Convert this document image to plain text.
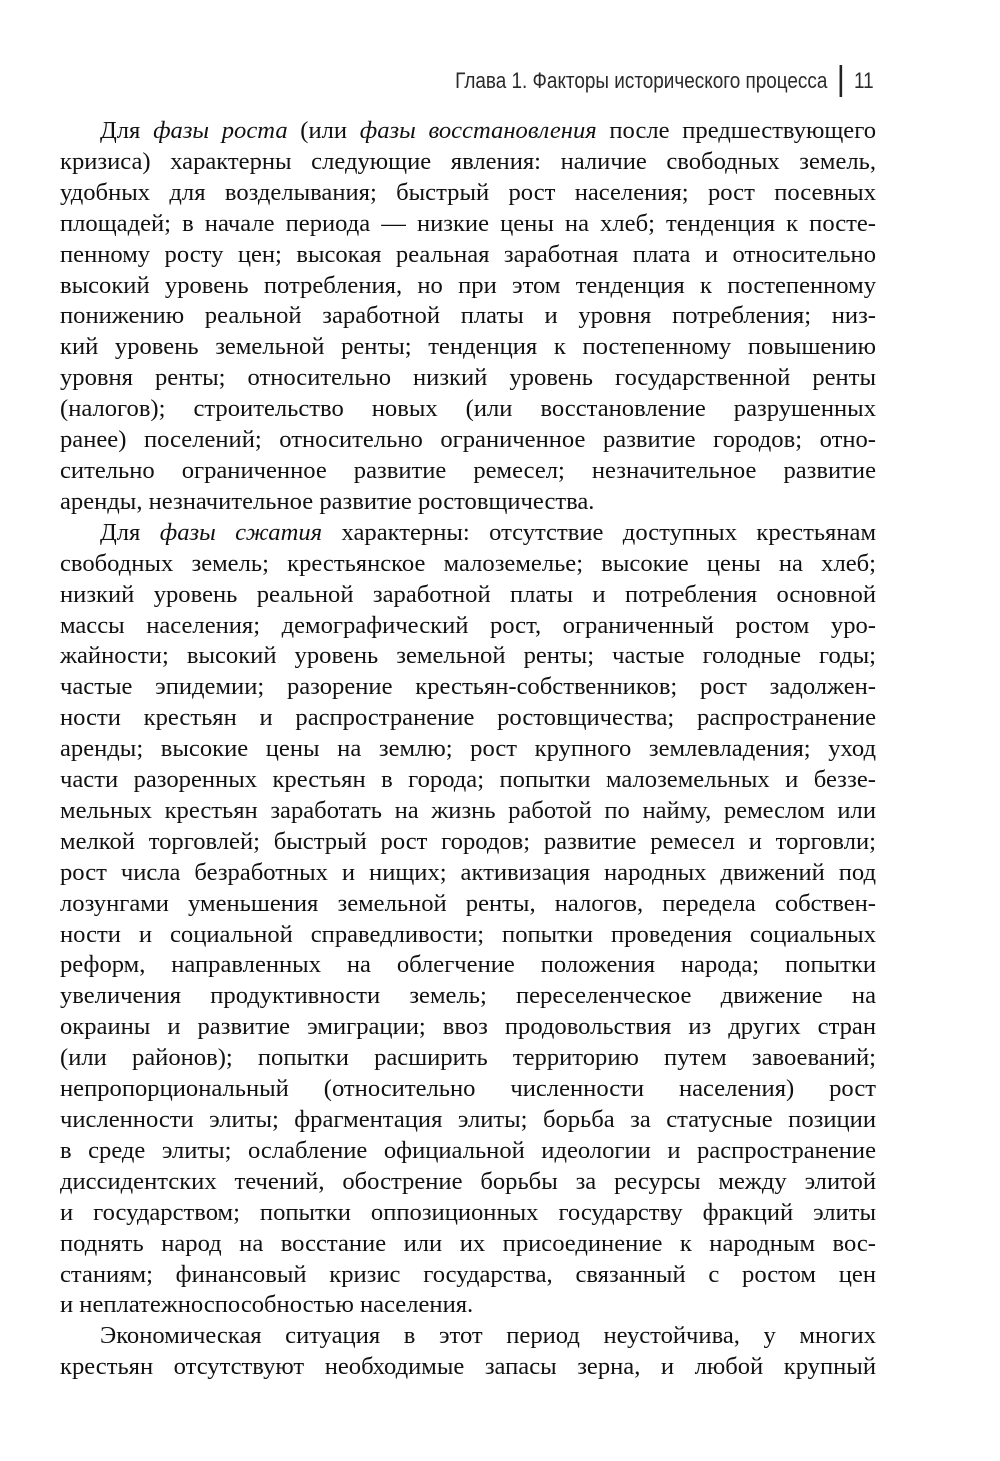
Глава 1. Факторы исторического процесса 11
Для фазы роста (или фазы восстановления после предшествующего
кризиса) характерны следующие явления: наличие свободных земель,
удобных для возделывания; быстрый рост населения; рост посевных
площадей; в начале периода — низкие цены на хлеб; тенденция к посте-
пенному росту цен; высокая реальная заработная плата и относительно
высокий уровень потребления, но при этом тенденция к постепенному
понижению реальной заработной платы и уровня потребления; низ-
кий уровень земельной ренты; тенденция к постепенному повышению
уровня ренты; относительно низкий уровень государственной ренты
(налогов); строительство новых (или восстановление разрушенных
ранее) поселений; относительно ограниченное развитие городов; отно-
сительно ограниченное развитие ремесел; незначительное развитие
аренды, незначительное развитие ростовщичества.
Для фазы сжатия характерны: отсутствие доступных крестьянам
свободных земель; крестьянское малоземелье; высокие цены на хлеб;
низкий уровень реальной заработной платы и потребления основной
массы населения; демографический рост, ограниченный ростом уро-
жайности; высокий уровень земельной ренты; частые голодные годы;
частые эпидемии; разорение крестьян-собственников; рост задолжен-
ности крестьян и распространение ростовщичества; распространение
аренды; высокие цены на землю; рост крупного землевладения; уход
части разоренных крестьян в города; попытки малоземельных и беззе-
мельных крестьян заработать на жизнь работой по найму, ремеслом или
мелкой торговлей; быстрый рост городов; развитие ремесел и торговли;
рост числа безработных и нищих; активизация народных движений под
лозунгами уменьшения земельной ренты, налогов, передела собствен-
ности и социальной справедливости; попытки проведения социальных
реформ, направленных на облегчение положения народа; попытки
увеличения продуктивности земель; переселенческое движение на
окраины и развитие эмиграции; ввоз продовольствия из других стран
(или районов); попытки расширить территорию путем завоеваний;
непропорциональный (относительно численности населения) рост
численности элиты; фрагментация элиты; борьба за статусные позиции
в среде элиты; ослабление официальной идеологии и распространение
диссидентских течений, обострение борьбы за ресурсы между элитой
и государством; попытки оппозиционных государству фракций элиты
поднять народ на восстание или их присоединение к народным вос-
станиям; финансовый кризис государства, связанный с ростом цен
и неплатежноспособностью населения.
Экономическая ситуация в этот период неустойчива, у многих
крестьян отсутствуют необходимые запасы зерна, и любой крупный
